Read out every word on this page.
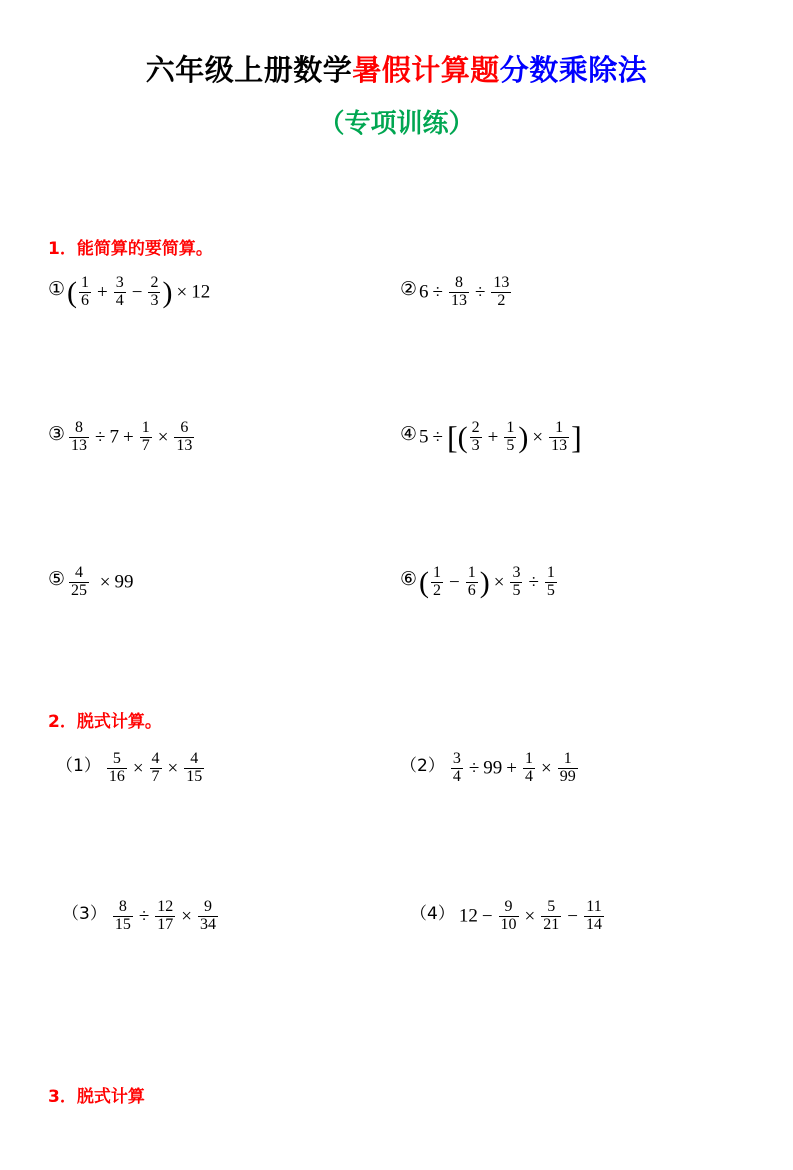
六年级上册数学暑假计算题分数乘除法
（专项训练）
1．能简算的要简算。
① ( $\frac{1}{6} + \frac{3}{4} - \frac{2}{3}$ ) × 12	② $6 \div \frac{8}{13} \div \frac{13}{2}$
③ $\frac{8}{13} \div 7 + \frac{1}{7} \times \frac{6}{13}$	④ 5 ÷ [( $\frac{2}{3} + \frac{1}{5}$ ) × $\frac{1}{13}$ ]
⑤ $\frac{4}{25} \times 99$	⑥ ( $\frac{1}{2} - \frac{1}{6}$ ) × $\frac{3}{5} \div \frac{1}{5}$
2．脱式计算。
$(1) \frac{5}{16} \times \frac{4}{7} \times \frac{4}{15}$	$(2) \frac{3}{4} \div 99 + \frac{1}{4} \times \frac{1}{99}$
$(3) \frac{8}{15} \div \frac{12}{17} \times \frac{9}{34}$	（4） $12 - \frac{9}{10} \times \frac{5}{21} - \frac{11}{14}$
3．脱式计算
